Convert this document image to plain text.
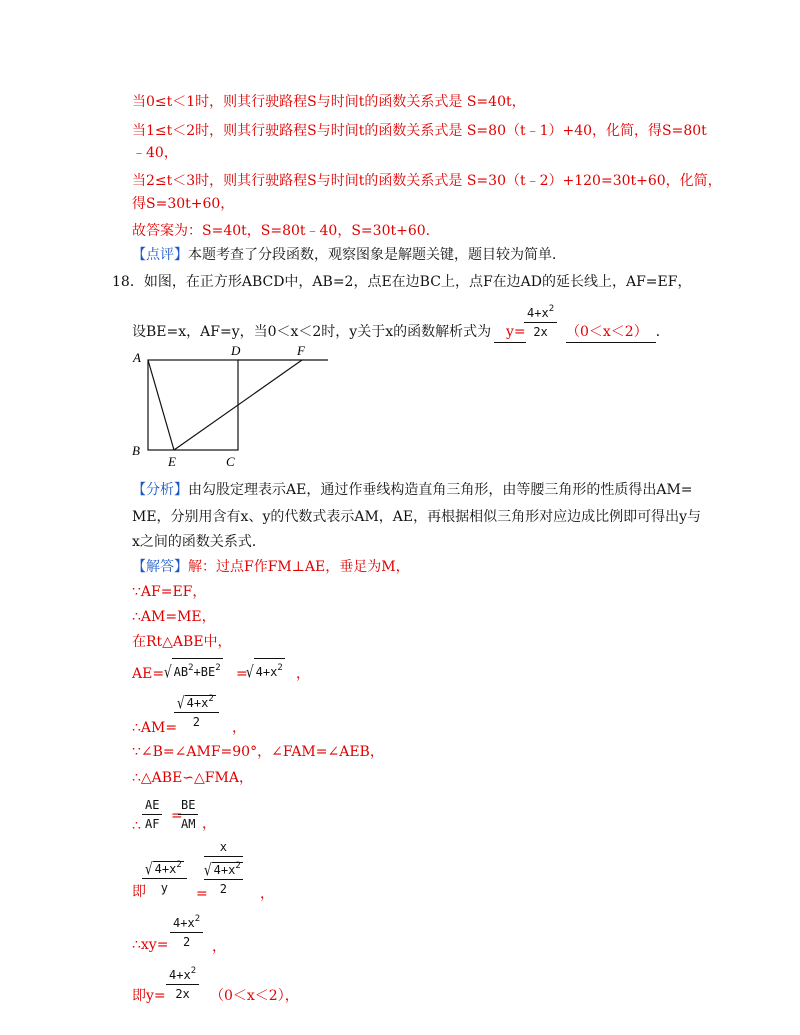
当0≤t＜1时，则其行驶路程S与时间t的函数关系式是 S=40t，
当1≤t＜2时，则其行驶路程S与时间t的函数关系式是 S=80（t﹣1）+40，化简，得S=80t
﹣40，
当2≤t＜3时，则其行驶路程S与时间t的函数关系式是 S=30（t﹣2）+120=30t+60，化简，
得S=30t+60，
故答案为：S=40t，S=80t﹣40，S=30t+60．
【点评】本题考查了分段函数，观察图象是解题关键，题目较为简单．
18．如图，在正方形ABCD中，AB=2，点E在边BC上，点F在边AD的延长线上，AF=EF，
设BE=x，AF=y，当0＜x＜2时，y关于x的函数解析式为	y=
$\frac{4+x^2}{2x} (0<x<2)$ ．
A	D	F
B
E	C
【分析】由勾股定理表示AE，通过作垂线构造直角三角形，由等腰三角形的性质得出AM=
ME，分别用含有x、y的代数式表示AM，AE，再根据相似三角形对应边成比例即可得出y与
x之间的函数关系式．
【解答】解：过点F作FM⊥AE，垂足为M，
∵AF=EF，
∴AM=ME，
在Rt△ABE中，
AE= √ $AB^2+BE^2$ =
√ $4+x^2$ ，
∴AM=
$\frac{√ 4+x^2}{2}$ ，
∵∠B=∠AMF=90°，∠FAM=∠AEB，
∴△ABE∽△FMA，
∴ $\frac{AE}{AF}$ =
$\frac{BE}{AM}$ ，
即
$\frac{√ 4+x^2}{y}$ =
x
√ $4+x^2$
2 ，
∴xy= $\frac{4+x^2}{2}$ ，
即$y= \frac{4+x^2}{2x} (0<x<2)$，
